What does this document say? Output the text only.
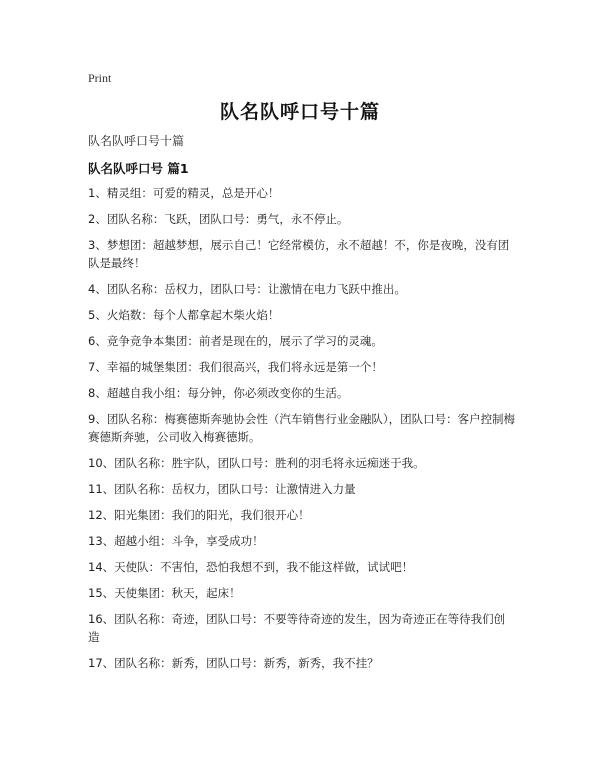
Print
队名队呼口号十篇
队名队呼口号十篇
队名队呼口号 篇1

1、精灵组：可爱的精灵，总是开心！

2、团队名称：飞跃，团队口号：勇气，永不停止。

3、梦想团：超越梦想，展示自己！它经常模仿，永不超越！不，你是夜晚，没有团队是最终！

4、团队名称：岳权力，团队口号：让激情在电力飞跃中推出。

5、火焰数：每个人都拿起木柴火焰！

6、竞争竞争本集团：前者是现在的，展示了学习的灵魂。

7、幸福的城堡集团：我们很高兴，我们将永远是第一个！

8、超越自我小组：每分钟，你必须改变你的生活。

9、团队名称：梅赛德斯奔驰协会性（汽车销售行业金融队），团队口号：客户控制梅赛德斯奔驰，公司收入梅赛德斯。

10、团队名称：胜宇队，团队口号：胜利的羽毛将永远痴迷于我。

11、团队名称：岳权力，团队口号：让激情进入力量

12、阳光集团：我们的阳光，我们很开心！

13、超越小组：斗争，享受成功！

14、天使队：不害怕，恐怕我想不到，我不能这样做，试试吧！

15、天使集团：秋天，起床！

16、团队名称：奇迹，团队口号：不要等待奇迹的发生，因为奇迹正在等待我们创造

17、团队名称：新秀，团队口号：新秀，新秀，我不挂？
